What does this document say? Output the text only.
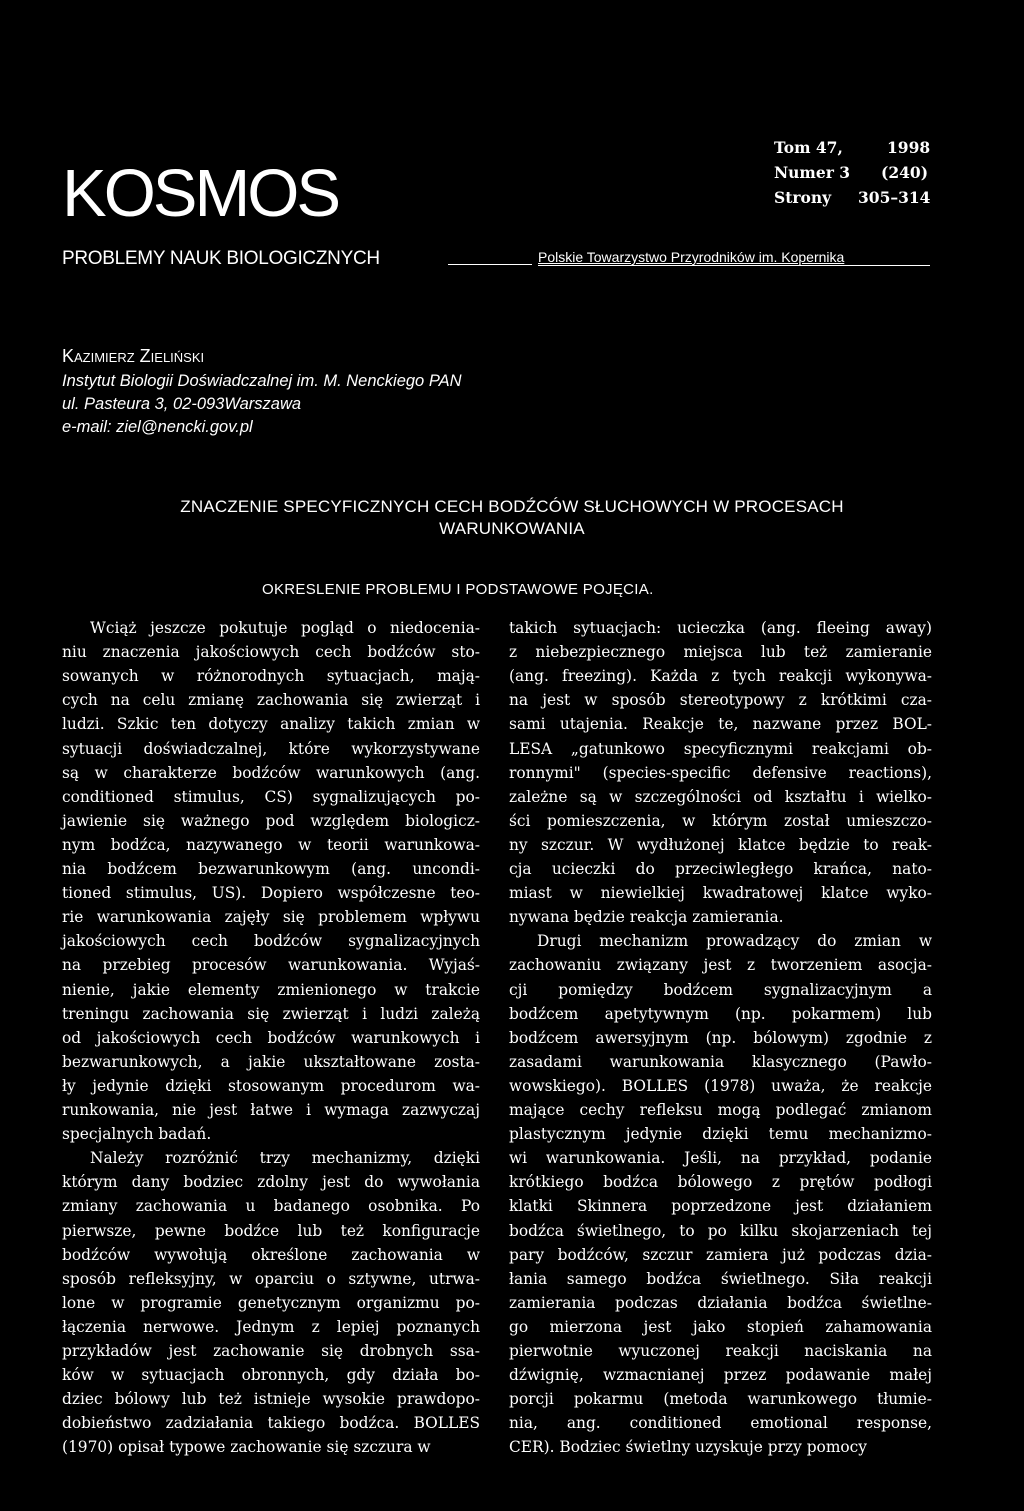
KOSMOS
PROBLEMY NAUK BIOLOGICZNYCH
Tom 47,	1998
Numer 3 (240)
Strony 305–314
Polskie Towarzystwo Przyrodników im. Kopernika
Kazimierz Zieliński
Instytut Biologii Doświadczalnej im. M. Nenckiego PAN
ul. Pasteura 3, 02-093Warszawa
e-mail: ziel@nencki.gov.pl
ZNACZENIE SPECYFICZNYCH CECH BODŹCÓW SŁUCHOWYCH W PROCESACH
WARUNKOWANIA
OKRESLENIE PROBLEMU I PODSTAWOWE POJĘCIA.
Wciąż jeszcze pokutuje pogląd o niedocenia-
niu znaczenia jakościowych cech bodźców sto-
sowanych w różnorodnych sytuacjach, mają-
cych na celu zmianę zachowania się zwierząt i
ludzi. Szkic ten dotyczy analizy takich zmian w
sytuacji doświadczalnej, które wykorzystywane
są w charakterze bodźców warunkowych (ang.
conditioned stimulus, CS) sygnalizujących po-
jawienie się ważnego pod względem biologicz-
nym bodźca, nazywanego w teorii warunkowa-
nia bodźcem bezwarunkowym (ang. uncondi-
tioned stimulus, US). Dopiero współczesne teo-
rie warunkowania zajęły się problemem wpływu
jakościowych cech bodźców sygnalizacyjnych
na przebieg procesów warunkowania. Wyjaś-
nienie, jakie elementy zmienionego w trakcie
treningu zachowania się zwierząt i ludzi zależą
od jakościowych cech bodźców warunkowych i
bezwarunkowych, a jakie ukształtowane zosta-
ły jedynie dzięki stosowanym procedurom wa-
runkowania, nie jest łatwe i wymaga zazwyczaj
specjalnych badań.
Należy rozróżnić trzy mechanizmy, dzięki
którym dany bodziec zdolny jest do wywołania
zmiany zachowania u badanego osobnika. Po
pierwsze, pewne bodźce lub też konfiguracje
bodźców wywołują określone zachowania w
sposób refleksyjny, w oparciu o sztywne, utrwa-
lone w programie genetycznym organizmu po-
łączenia nerwowe. Jednym z lepiej poznanych
przykładów jest zachowanie się drobnych ssa-
ków w sytuacjach obronnych, gdy działa bo-
dziec bólowy lub też istnieje wysokie prawdopo-
dobieństwo zadziałania takiego bodźca. BOLLES
(1970) opisał typowe zachowanie się szczura w
takich sytuacjach: ucieczka (ang. fleeing away)
z niebezpiecznego miejsca lub też zamieranie
(ang. freezing). Każda z tych reakcji wykonywa-
na jest w sposób stereotypowy z krótkimi cza-
sami utajenia. Reakcje te, nazwane przez BOL-
LESA „gatunkowo specyficznymi reakcjami ob-
ronnymi" (species-specific defensive reactions),
zależne są w szczególności od kształtu i wielko-
ści pomieszczenia, w którym został umieszczo-
ny szczur. W wydłużonej klatce będzie to reak-
cja ucieczki do przeciwległego krańca, nato-
miast w niewielkiej kwadratowej klatce wyko-
nywana będzie reakcja zamierania.
Drugi mechanizm prowadzący do zmian w
zachowaniu związany jest z tworzeniem asocja-
cji pomiędzy bodźcem sygnalizacyjnym a
bodźcem apetytywnym (np. pokarmem) lub
bodźcem awersyjnym (np. bólowym) zgodnie z
zasadami warunkowania klasycznego (Pawło-
wowskiego). BOLLES (1978) uważa, że reakcje
mające cechy refleksu mogą podlegać zmianom
plastycznym jedynie dzięki temu mechanizmo-
wi warunkowania. Jeśli, na przykład, podanie
krótkiego bodźca bólowego z prętów podłogi
klatki Skinnera poprzedzone jest działaniem
bodźca świetlnego, to po kilku skojarzeniach tej
pary bodźców, szczur zamiera już podczas dzia-
łania samego bodźca świetlnego. Siła reakcji
zamierania podczas działania bodźca świetlne-
go mierzona jest jako stopień zahamowania
pierwotnie wyuczonej reakcji naciskania na
dźwignię, wzmacnianej przez podawanie małej
porcji pokarmu (metoda warunkowego tłumie-
nia, ang. conditioned emotional response,
CER). Bodziec świetlny uzyskuje przy pomocy
